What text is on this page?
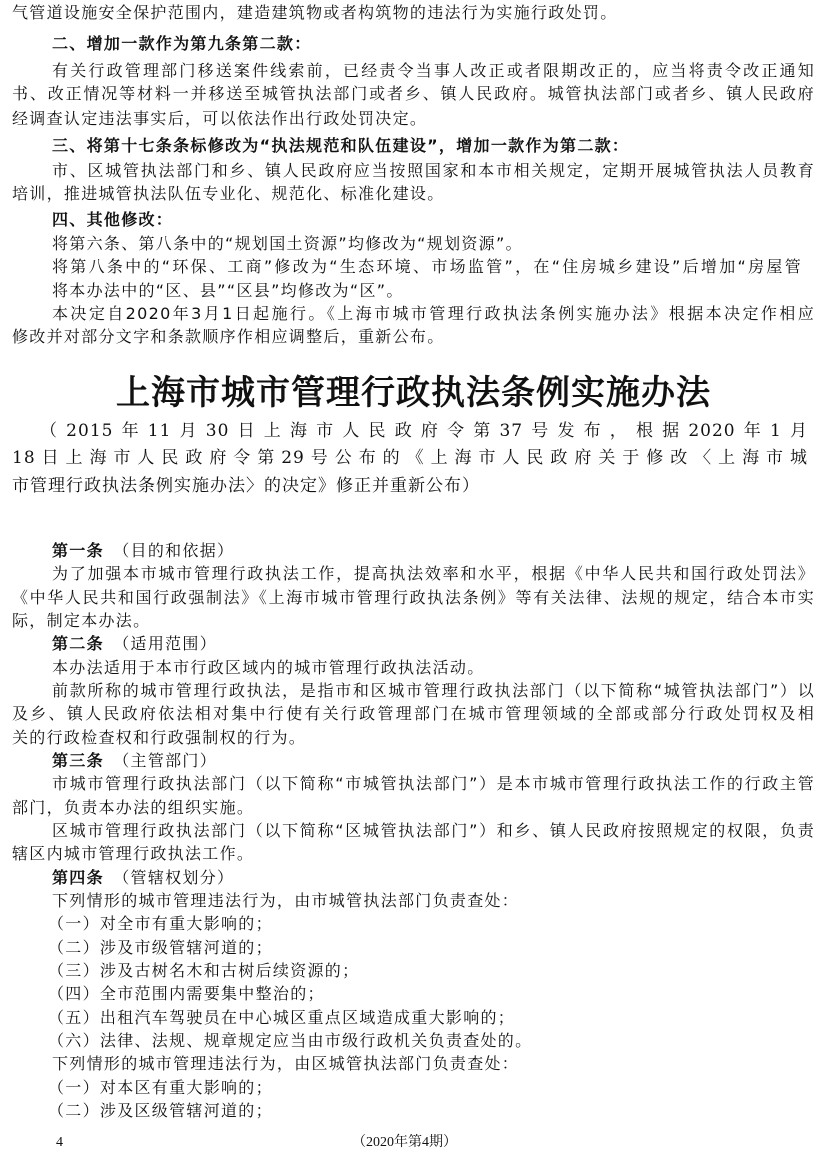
气管道设施安全保护范围内，建造建筑物或者构筑物的违法行为实施行政处罚。
二、增加一款作为第九条第二款：
有关行政管理部门移送案件线索前，已经责令当事人改正或者限期改正的，应当将责令改正通知
书、改正情况等材料一并移送至城管执法部门或者乡、镇人民政府。城管执法部门或者乡、镇人民政府
经调查认定违法事实后，可以依法作出行政处罚决定。
三、将第十七条条标修改为“执法规范和队伍建设”，增加一款作为第二款：
市、区城管执法部门和乡、镇人民政府应当按照国家和本市相关规定，定期开展城管执法人员教育
培训，推进城管执法队伍专业化、规范化、标准化建设。
四、其他修改：
将第六条、第八条中的“规划国土资源”均修改为“规划资源”。
将第八条中的“环保、工商”修改为“生态环境、市场监管”，在“住房城乡建设”后增加“房屋管
将本办法中的“区、县”“区县”均修改为“区”。
本决定自2020年3月1日起施行。《上海市城市管理行政执法条例实施办法》根据本决定作相应
修改并对部分文字和条款顺序作相应调整后，重新公布。
上海市城市管理行政执法条例实施办法
（2015年11月30日上海市人民政府令第37号发布，根据2020年1月
18日上海市人民政府令第29号公布的《上海市人民政府关于修改〈上海市城
市管理行政执法条例实施办法〉的决定》修正并重新公布）
第一条　 （目的和依据）
为了加强本市城市管理行政执法工作，提高执法效率和水平，根据《中华人民共和国行政处罚法》
《中华人民共和国行政强制法》《上海市城市管理行政执法条例》等有关法律、法规的规定，结合本市实
际，制定本办法。
第二条　 （适用范围）
本办法适用于本市行政区域内的城市管理行政执法活动。
前款所称的城市管理行政执法，是指市和区城市管理行政执法部门（以下简称“城管执法部门”）以
及乡、镇人民政府依法相对集中行使有关行政管理部门在城市管理领域的全部或部分行政处罚权及相
关的行政检查权和行政强制权的行为。
第三条　 （主管部门）
市城市管理行政执法部门（以下简称“市城管执法部门”）是本市城市管理行政执法工作的行政主管
部门，负责本办法的组织实施。
区城市管理行政执法部门（以下简称“区城管执法部门”）和乡、镇人民政府按照规定的权限，负责
辖区内城市管理行政执法工作。
第四条　 （管辖权划分）
下列情形的城市管理违法行为，由市城管执法部门负责查处：
（一）对全市有重大影响的；
（二）涉及市级管辖河道的；
（三）涉及古树名木和古树后续资源的；
（四）全市范围内需要集中整治的；
（五）出租汽车驾驶员在中心城区重点区域造成重大影响的；
（六）法律、法规、规章规定应当由市级行政机关负责查处的。
下列情形的城市管理违法行为，由区城管执法部门负责查处：
（一）对本区有重大影响的；
（二）涉及区级管辖河道的；
4	（2020年第4期）
